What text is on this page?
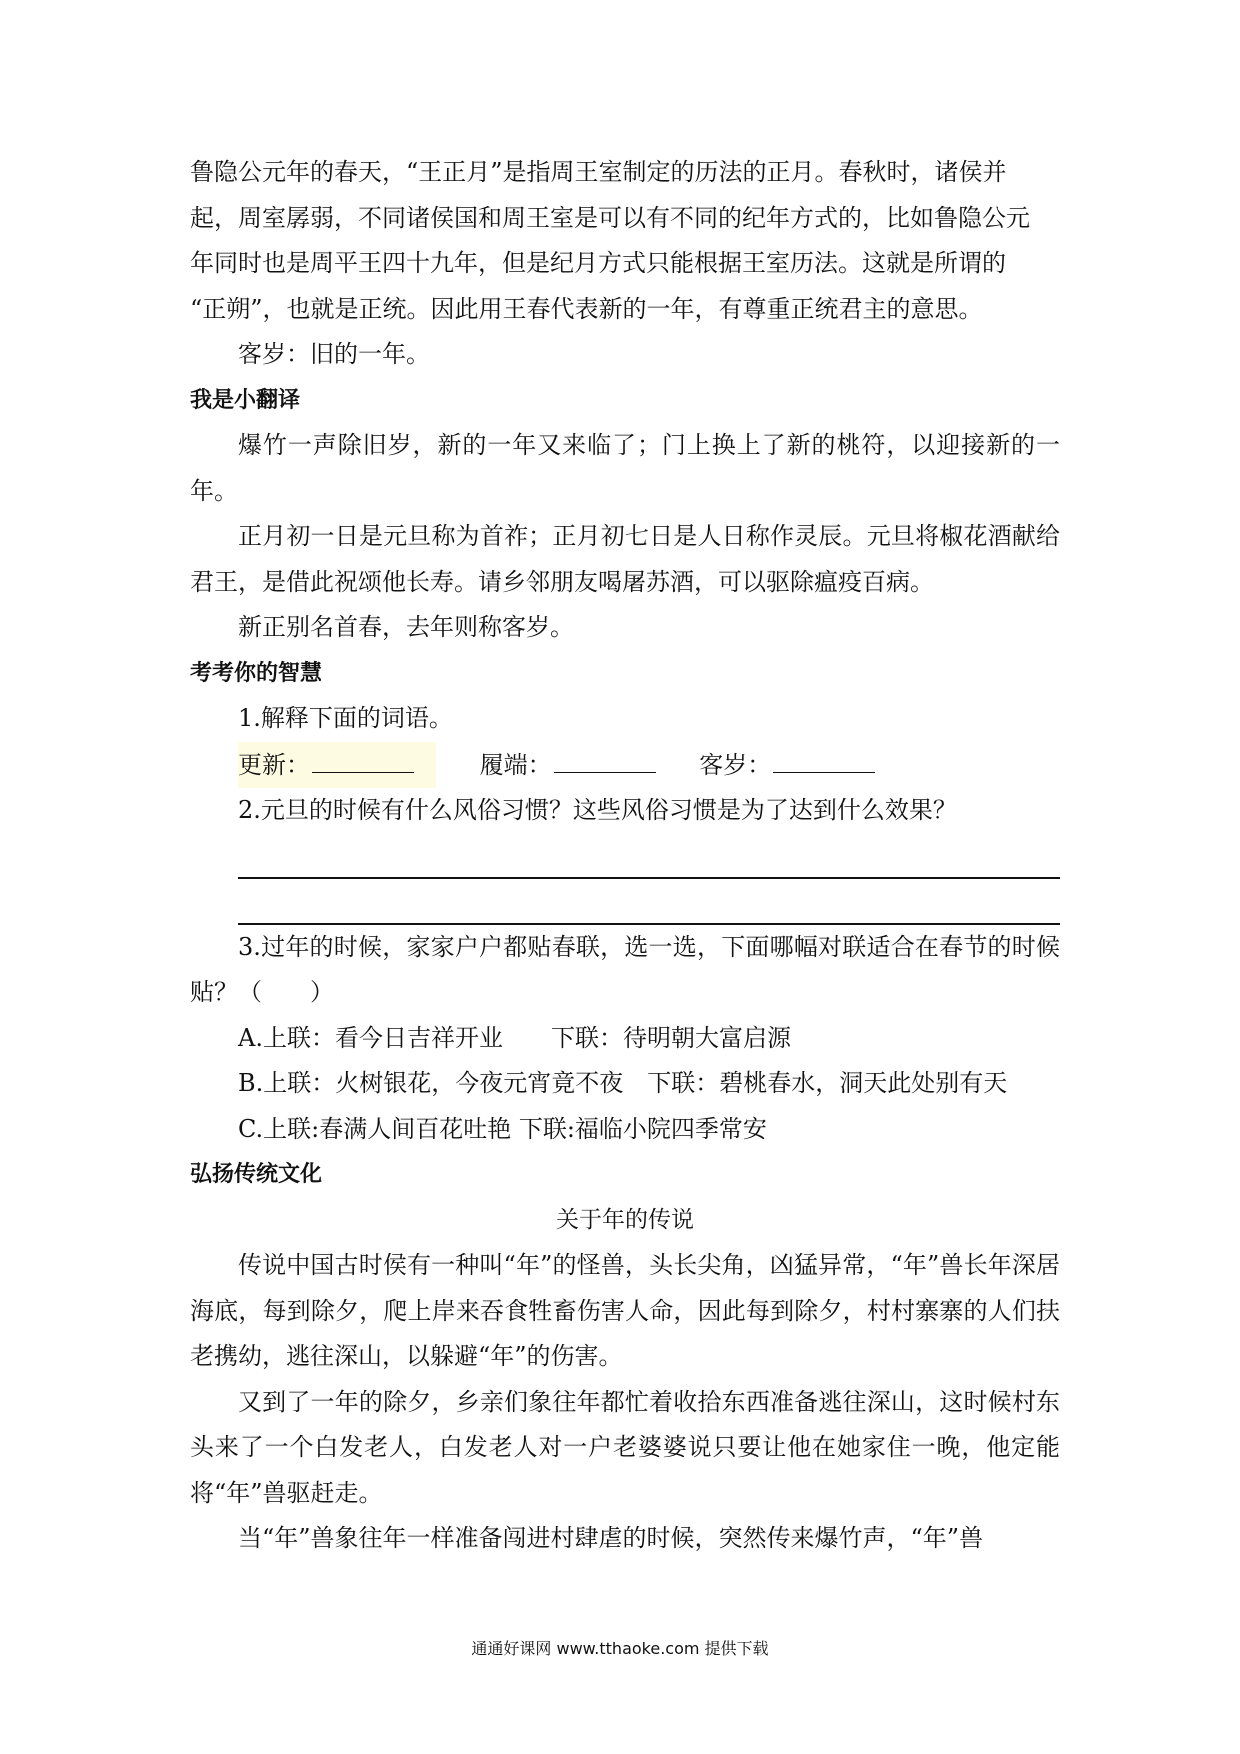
鲁隐公元年的春天，“王正月”是指周王室制定的历法的正月。春秋时，诸侯并

起，周室孱弱，不同诸侯国和周王室是可以有不同的纪年方式的，比如鲁隐公元

年同时也是周平王四十九年，但是纪月方式只能根据王室历法。这就是所谓的

“正朔”，也就是正统。因此用王春代表新的一年，有尊重正统君主的意思。

客岁：旧的一年。

我是小翻译

爆竹一声除旧岁，新的一年又来临了；门上换上了新的桃符，以迎接新的一年。

正月初一日是元旦称为首祚；正月初七日是人日称作灵辰。元旦将椒花酒献给君王，是借此祝颂他长寿。请乡邻朋友喝屠苏酒，可以驱除瘟疫百病。

新正别名首春，去年则称客岁。

考考你的智慧

1.解释下面的词语。

更新：	履端：	客岁：

2.元旦的时候有什么风俗习惯？这些风俗习惯是为了达到什么效果？

3.过年的时候，家家户户都贴春联，选一选，下面哪幅对联适合在春节的时候贴？（　　）

A.上联：看今日吉祥开业　　下联：待明朝大富启源

B.上联：火树银花，今夜元宵竟不夜　下联：碧桃春水，洞天此处别有天

C.上联:春满人间百花吐艳 下联:福临小院四季常安

弘扬传统文化
关于年的传说

传说中国古时侯有一种叫“年”的怪兽，头长尖角，凶猛异常，“年”兽长年深居海底，每到除夕，爬上岸来吞食牲畜伤害人命，因此每到除夕，村村寨寨的人们扶老携幼，逃往深山，以躲避“年”的伤害。

又到了一年的除夕，乡亲们象往年都忙着收拾东西准备逃往深山，这时候村东头来了一个白发老人，白发老人对一户老婆婆说只要让他在她家住一晚，他定能将“年”兽驱赶走。

当“年”兽象往年一样准备闯进村肆虐的时候，突然传来爆竹声，“年”兽

通通好课网 www.tthaoke.com 提供下载
